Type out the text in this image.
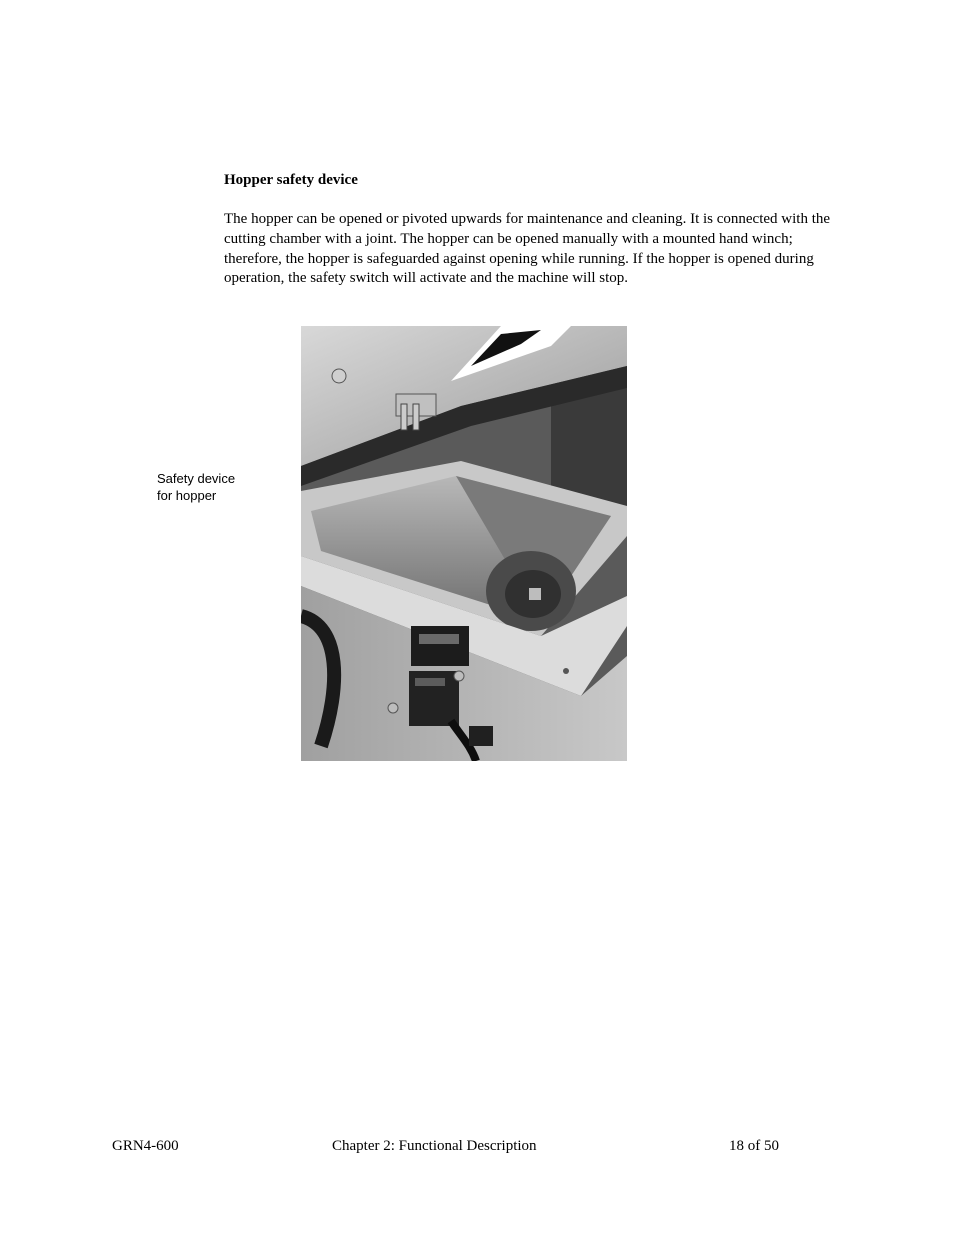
Hopper safety device

The hopper can be opened or pivoted upwards for maintenance and cleaning. It is connected with the cutting chamber with a joint. The hopper can be opened manually with a mounted hand winch; therefore, the hopper is safeguarded against opening while running. If the hopper is opened during operation, the safety switch will activate and the machine will stop.

Safety device
for hopper
GRN4-600	Chapter 2: Functional Description	18 of 50
